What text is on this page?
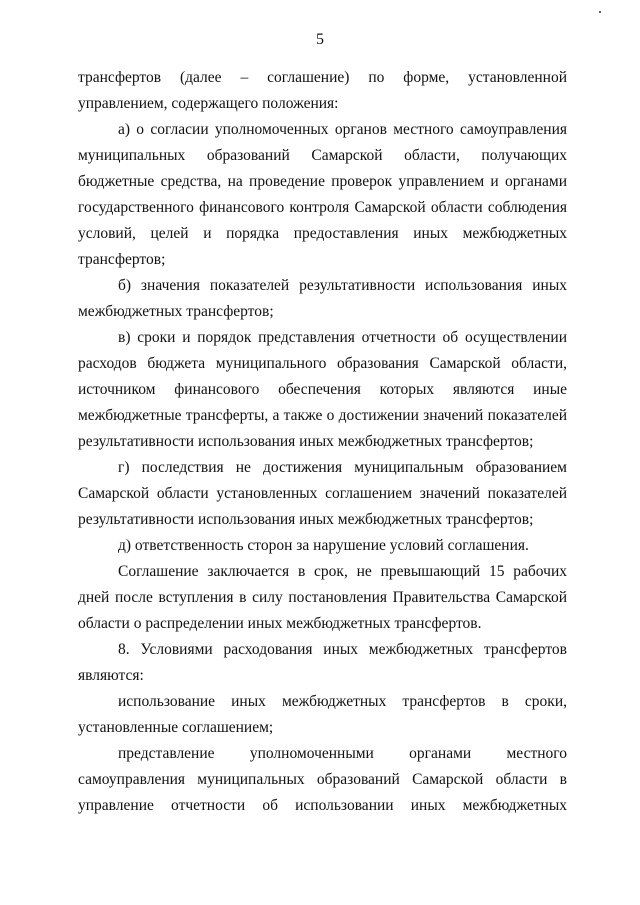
5

трансфертов (далее – соглашение) по форме, установленной управлением, содержащего положения:

а) о согласии уполномоченных органов местного самоуправления муниципальных образований Самарской области, получающих бюджетные средства, на проведение проверок управлением и органами государственного финансового контроля Самарской области соблюдения условий, целей и порядка предоставления иных межбюджетных трансфертов;

б) значения показателей результативности использования иных межбюджетных трансфертов;

в) сроки и порядок представления отчетности об осуществлении расходов бюджета муниципального образования Самарской области, источником финансового обеспечения которых являются иные межбюджетные трансферты, а также о достижении значений показателей результативности использования иных межбюджетных трансфертов;

г) последствия не достижения муниципальным образованием Самарской области установленных соглашением значений показателей результативности использования иных межбюджетных трансфертов;

д) ответственность сторон за нарушение условий соглашения.

Соглашение заключается в срок, не превышающий 15 рабочих дней после вступления в силу постановления Правительства Самарской области о распределении иных межбюджетных трансфертов.

8. Условиями расходования иных межбюджетных трансфертов являются:

использование иных межбюджетных трансфертов в сроки, установленные соглашением;

представление уполномоченными органами местного самоуправления муниципальных образований Самарской области в управление отчетности об использовании иных межбюджетных
